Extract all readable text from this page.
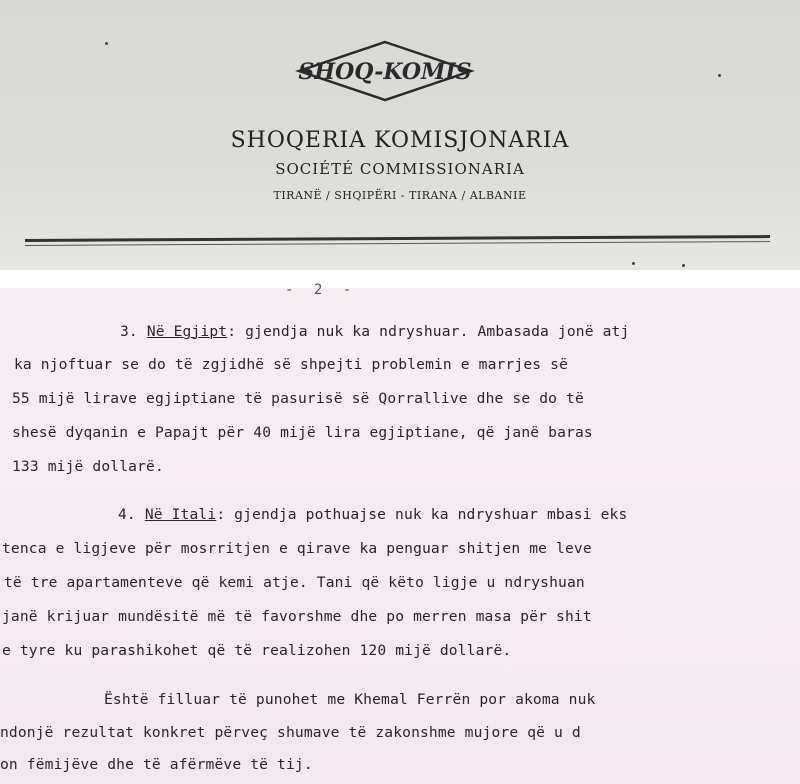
SHOQ-KOMIS
SHOQERIA KOMISJONARIA
SOCIÉTÉ COMMISSIONARIA
TIRANË / SHQIPËRI - TIRANA / ALBANIE
- 2 -
3. Në Egjipt: gjendja nuk ka ndryshuar. Ambasada jonë atj
ka njoftuar se do të zgjidhë së shpejti problemin e marrjes së
55 mijë lirave egjiptiane të pasurisë së Qorrallive dhe se do të
shesë dyqanin e Papajt për 40 mijë lira egjiptiane, që janë baras
133 mijë dollarë.
4. Në Itali: gjendja pothuajse nuk ka ndryshuar mbasi eks
tenca e ligjeve për mosrritjen e qirave ka penguar shitjen me leve
të tre apartamenteve që kemi atje. Tani që këto ligje u ndryshuan
janë krijuar mundësitë më të favorshme dhe po merren masa për shit
e tyre ku parashikohet që të realizohen 120 mijë dollarë.
Është filluar të punohet me Khemal Ferrën por akoma nuk
ndonjë rezultat konkret përveç shumave të zakonshme mujore që u d
on fëmijëve dhe të afërmëve të tij.
